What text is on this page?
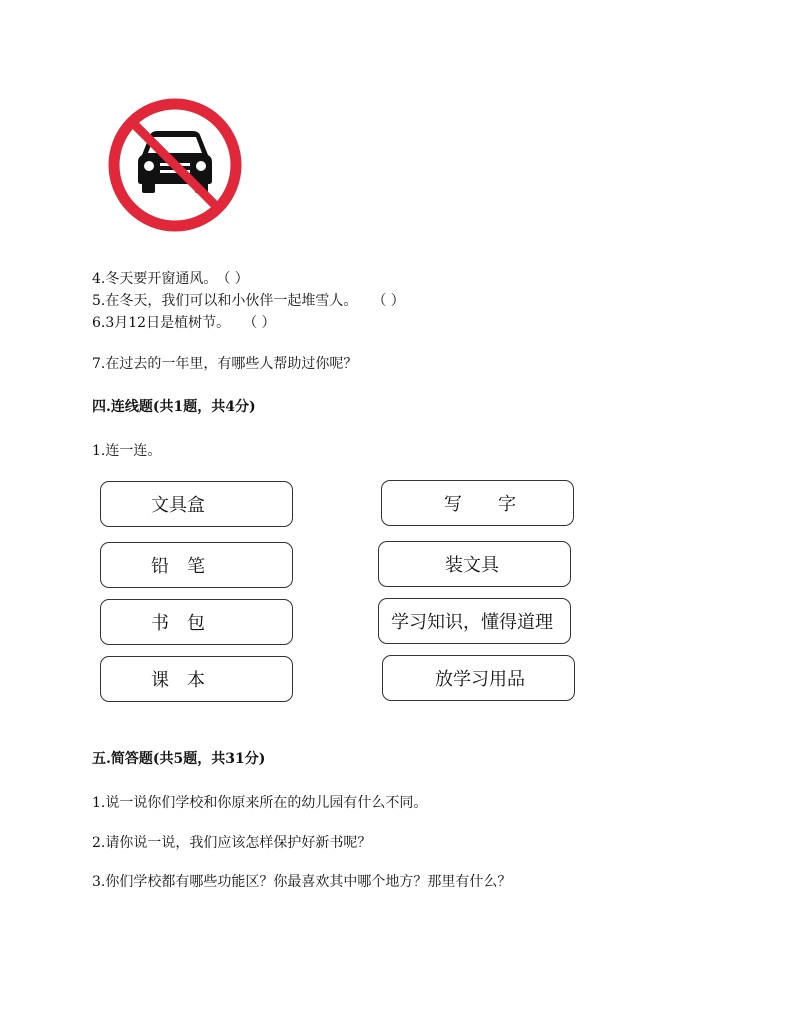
4.冬天要开窗通风。 （ ）
5.在冬天，我们可以和小伙伴一起堆雪人。 （ ）
6.3月12日是植树节。 （ ）
7.在过去的一年里，有哪些人帮助过你呢？
四.连线题(共1题，共4分)
1.连一连。
文具盒
铅　笔
书　包
课　本
写　　字
装文具
学习知识，懂得道理
放学习用品
五.简答题(共5题，共31分)
1.说一说你们学校和你原来所在的幼儿园有什么不同。
2.请你说一说，我们应该怎样保护好新书呢？
3.你们学校都有哪些功能区？你最喜欢其中哪个地方？那里有什么？
